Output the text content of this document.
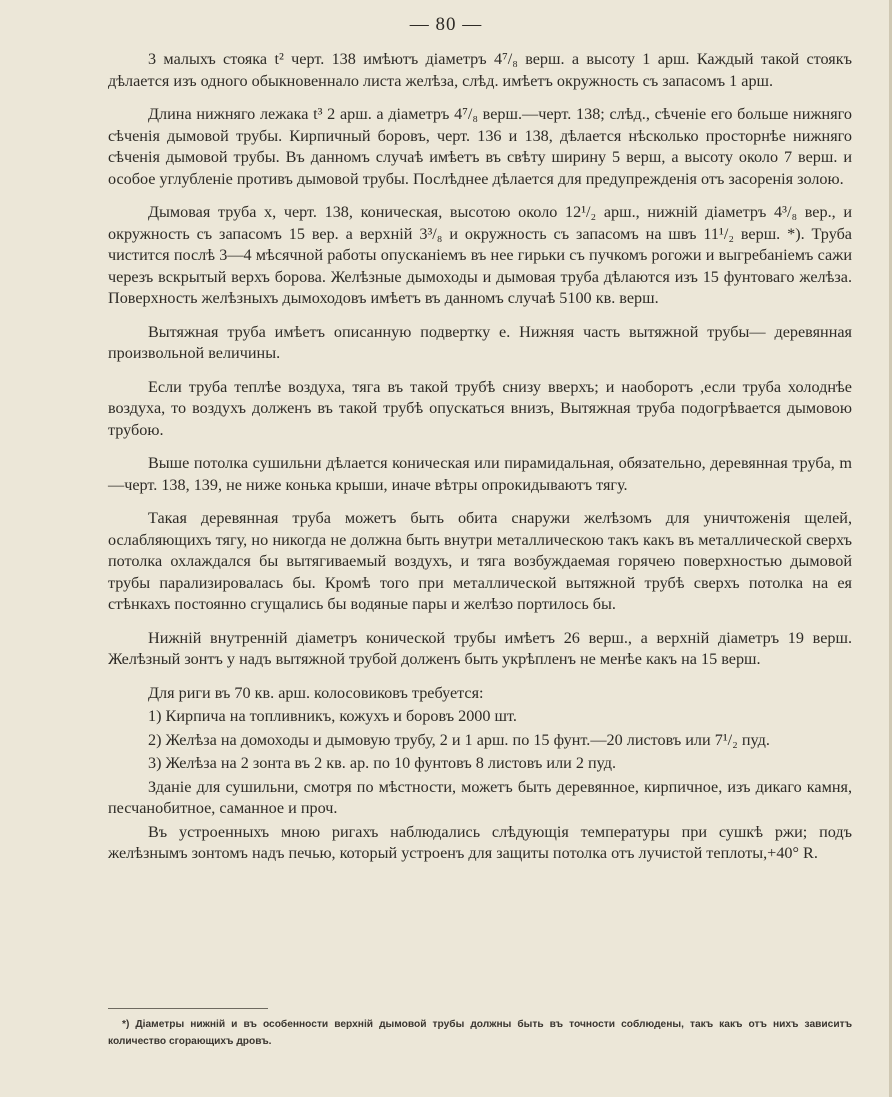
— 80 —

3 малыхъ стояка t² черт. 138 имѣютъ діаметръ 4⁷/₈ верш. а высоту 1 арш. Каждый такой стоякъ дѣлается изъ одного обыкновеннало листа желѣза, слѣд. имѣетъ окружность съ запасомъ 1 арш.

Длина нижняго лежака t³ 2 арш. а діаметръ 4⁷/₈ верш.—черт. 138; слѣд., сѣченіе его больше нижняго сѣченія дымовой трубы. Кирпичный боровъ, черт. 136 и 138, дѣлается нѣсколько просторнѣе нижняго сѣченія дымовой трубы. Въ данномъ случаѣ имѣетъ въ свѣту ширину 5 верш, а высоту около 7 верш. и особое углубленіе противъ дымовой трубы. Послѣднее дѣлается для предупрежденія отъ засоренія золою.

Дымовая труба x, черт. 138, коническая, высотою около 12¹/₂ арш., нижній діаметръ 4³/₈ вер., и окружность съ запасомъ 15 вер. а верхній 3³/₈ и окружность съ запасомъ на швъ 11¹/₂ верш. *). Труба чистится послѣ 3—4 мѣсячной работы опусканіемъ въ нее гирьки съ пучкомъ рогожи и выгребаніемъ сажи черезъ вскрытый верхъ борова. Желѣзные дымоходы и дымовая труба дѣлаются изъ 15 фунтоваго желѣза. Поверхность желѣзныхъ дымоходовъ имѣетъ въ данномъ случаѣ 5100 кв. верш.

Вытяжная труба имѣетъ описанную подвертку e. Нижняя часть вытяжной трубы— деревянная произвольной величины.

Если труба теплѣе воздуха, тяга въ такой трубѣ снизу вверхъ; и наоборотъ ,если труба холоднѣе воздуха, то воздухъ долженъ въ такой трубѣ опускаться внизъ, Вытяжная труба подогрѣвается дымовою трубою.

Выше потолка сушильни дѣлается коническая или пирамидальная, обязательно, деревянная труба, m—черт. 138, 139, не ниже конька крыши, иначе вѣтры опрокидываютъ тягу.

Такая деревянная труба можетъ быть обита снаружи желѣзомъ для уничтоженія щелей, ослабляющихъ тягу, но никогда не должна быть внутри металлическою такъ какъ въ металлической сверхъ потолка охлаждался бы вытягиваемый воздухъ, и тяга возбуждаемая горячею поверхностью дымовой трубы парализировалась бы. Кромѣ того при металлической вытяжной трубѣ сверхъ потолка на ея стѣнкахъ постоянно сгущались бы водяные пары и желѣзо портилось бы.

Нижній внутренній діаметръ конической трубы имѣетъ 26 верш., а верхній діаметръ 19 верш. Желѣзный зонтъ y надъ вытяжной трубой долженъ быть укрѣпленъ не менѣе какъ на 15 верш.

Для риги въ 70 кв. арш. колосовиковъ требуется:

1) Кирпича на топливникъ, кожухъ и боровъ 2000 шт.

2) Желѣза на домоходы и дымовую трубу, 2 и 1 арш. по 15 фунт.—20 листовъ или 7¹/₂ пуд.

3) Желѣза на 2 зонта въ 2 кв. ар. по 10 фунтовъ 8 листовъ или 2 пуд.

Зданіе для сушильни, смотря по мѣстности, можетъ быть деревянное, кирпичное, изъ дикаго камня, песчанобитное, саманное и проч.

Въ устроенныхъ мною ригахъ наблюдались слѣдующія температуры при сушкѣ ржи; подъ желѣзнымъ зонтомъ надъ печью, который устроенъ для защиты потолка отъ лучистой теплоты,+40° R.

*) Діаметры нижній и въ особенности верхній дымовой трубы должны быть въ точности соблюдены, такъ какъ отъ нихъ зависитъ количество сгорающихъ дровъ.
